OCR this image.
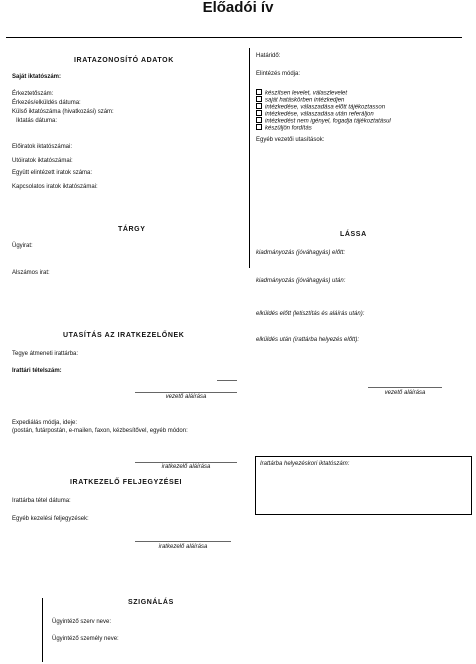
Előadói ív
IRATAZONOSÍTÓ ADATOK
Saját iktatószám:
Érkeztetőszám:
Érkezés/elküldés dátuma:
Külső iktatószáma (hivatkozási) szám:
Iktatás dátuma:
Előiratok iktatószámai:
Utóiratok iktatószámai:
Együtt elintézett iratok száma:
Kapcsolatos iratok iktatószámai:
TÁRGY
Ügyirat:
Alszámos irat:
UTASÍTÁS AZ IRATKEZELŐNEK
Tegye átmeneti irattárba:
Irattári tételszám:
vezető aláírása
Expediálás módja, ideje:
(postán, futárpostán, e-mailen, faxon, kézbesítővel, egyéb módon:
iratkezelő aláírása
IRATKEZELŐ FELJEGYZÉSEI
Irattárba tétel dátuma:
Egyéb kezelési feljegyzések:
iratkezelő aláírása
SZIGNÁLÁS
Ügyintéző szerv neve:
Ügyintéző személy neve:
Határidő:
Elintézés módja:
készítsen levelet, válaszlevelet
saját hatáskörben intézkedjen
intézkedése, válaszadása előtt tájékoztasson
intézkedése, válaszadása után referáljon
intézkedést nem igényel, fogadja tájékoztatásul
készüljön fordítás
Egyéb vezetői utasítások:
LÁSSA
kiadmányozás (jóváhagyás) előtt:
kiadmányozás (jóváhagyás) után:
elküldés előtt (letisztítás és aláírás után):
elküldés után (irattárba helyezés előtt):
vezető aláírása
Irattárba helyezéskori iktatószám:
